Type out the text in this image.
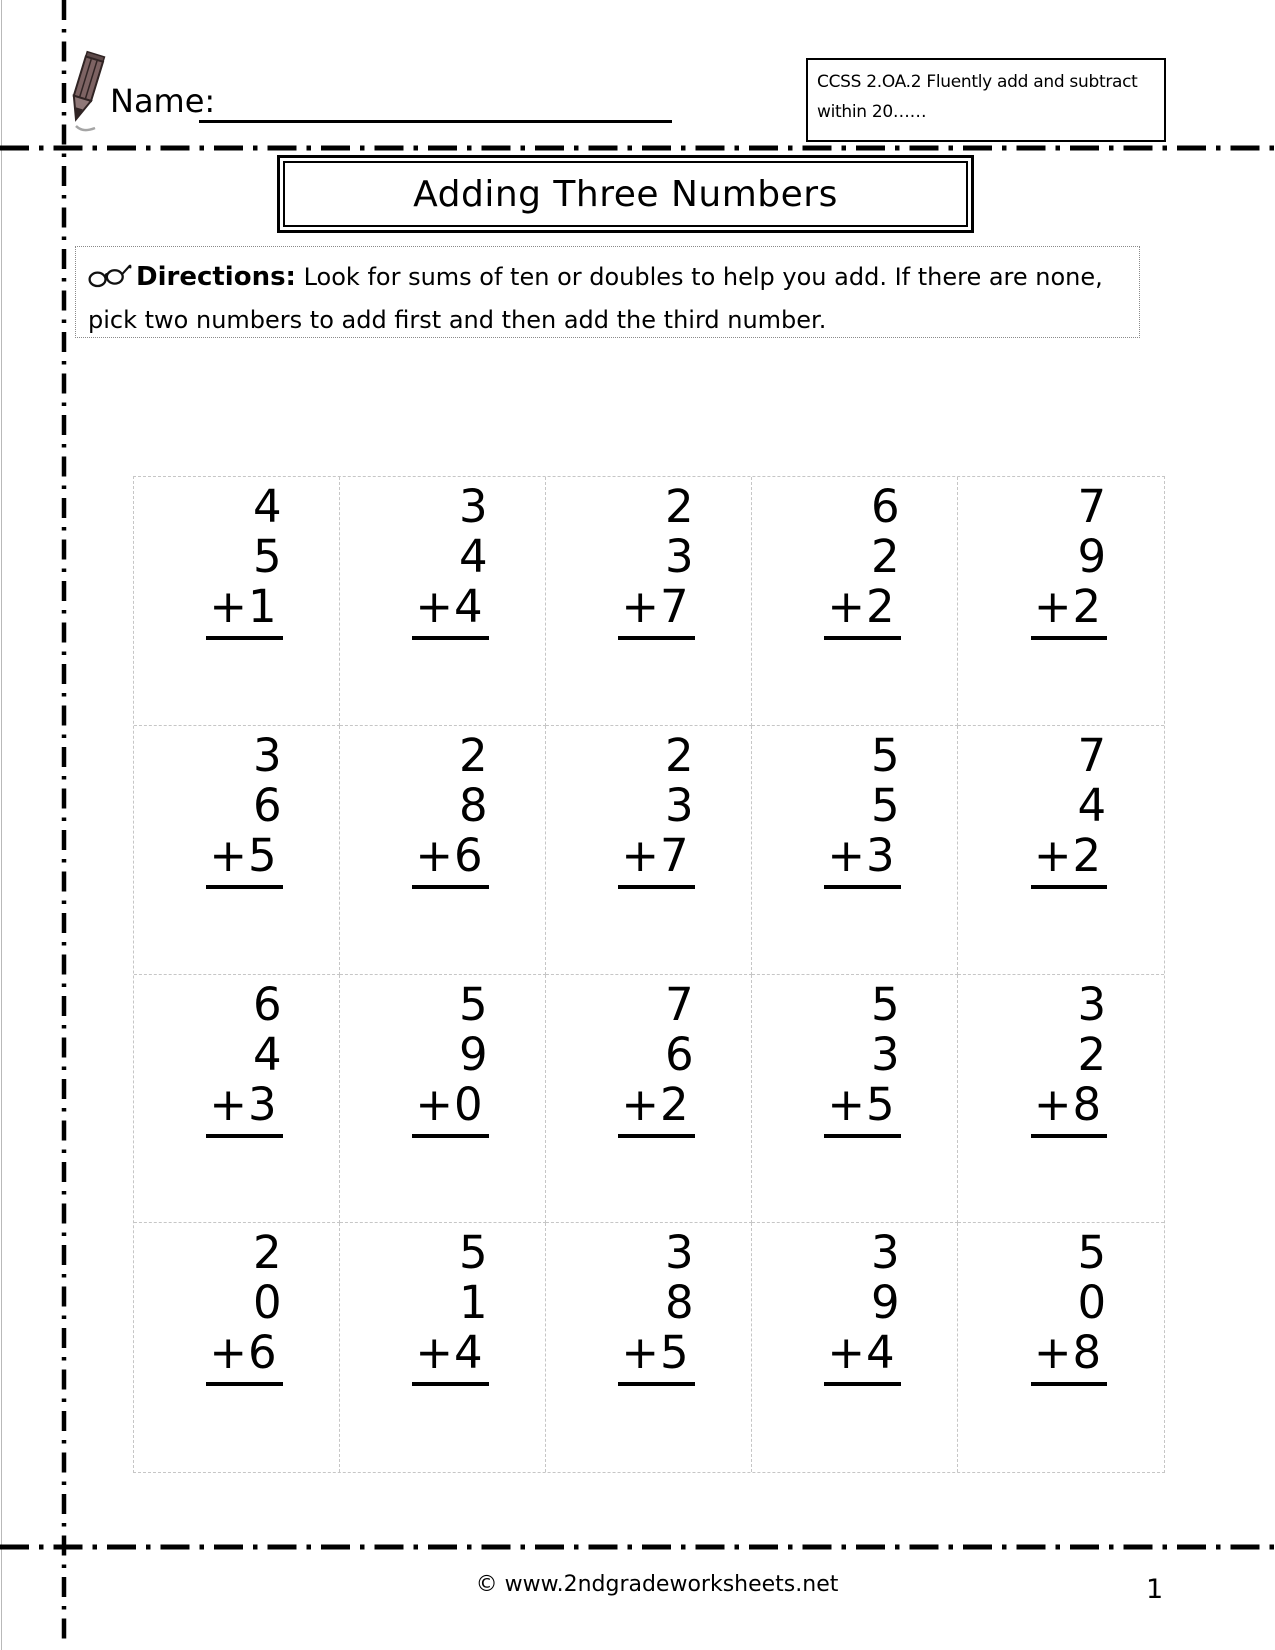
Name:	CCSS 2.OA.2 Fluently add and subtract
within 20……
Adding Three Numbers
Directions: Look for sums of ten or doubles to help you add. If there are none, pick two numbers to add first and then add the third number.
4
5
+1
3
4
+4
2
3
+7
6
2
+2
7
9
+2
3
6
+5
2
8
+6
2
3
+7
5
5
+3
7
4
+2
6
4
+3
5
9
+0
7
6
+2
5
3
+5
3
2
+8
2
0
+6
5
1
+4
3
8
+5
3
9
+4
5
0
+8
© www.2ndgradeworksheets.net	1
